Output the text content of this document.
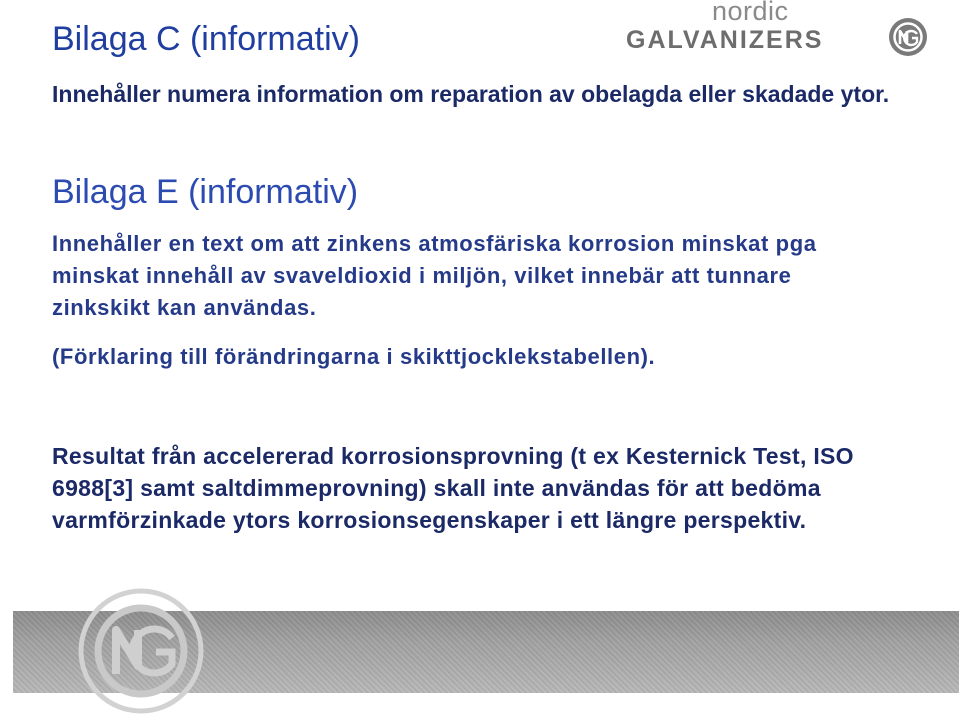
nordic
GALVANIZERS
Bilaga C (informativ)

Innehåller numera information om reparation av obelagda eller skadade ytor.

Bilaga E (informativ)

Innehåller en text om att zinkens atmosfäriska korrosion minskat pga minskat innehåll av svaveldioxid i miljön, vilket innebär att tunnare zinkskikt kan användas.

(Förklaring till förändringarna i skikttjocklekstabellen).

Resultat från accelererad korrosionsprovning (t ex Kesternick Test, ISO 6988[3] samt saltdimmeprovning) skall inte användas för att bedöma varmförzinkade ytors korrosionsegenskaper i ett längre perspektiv.
